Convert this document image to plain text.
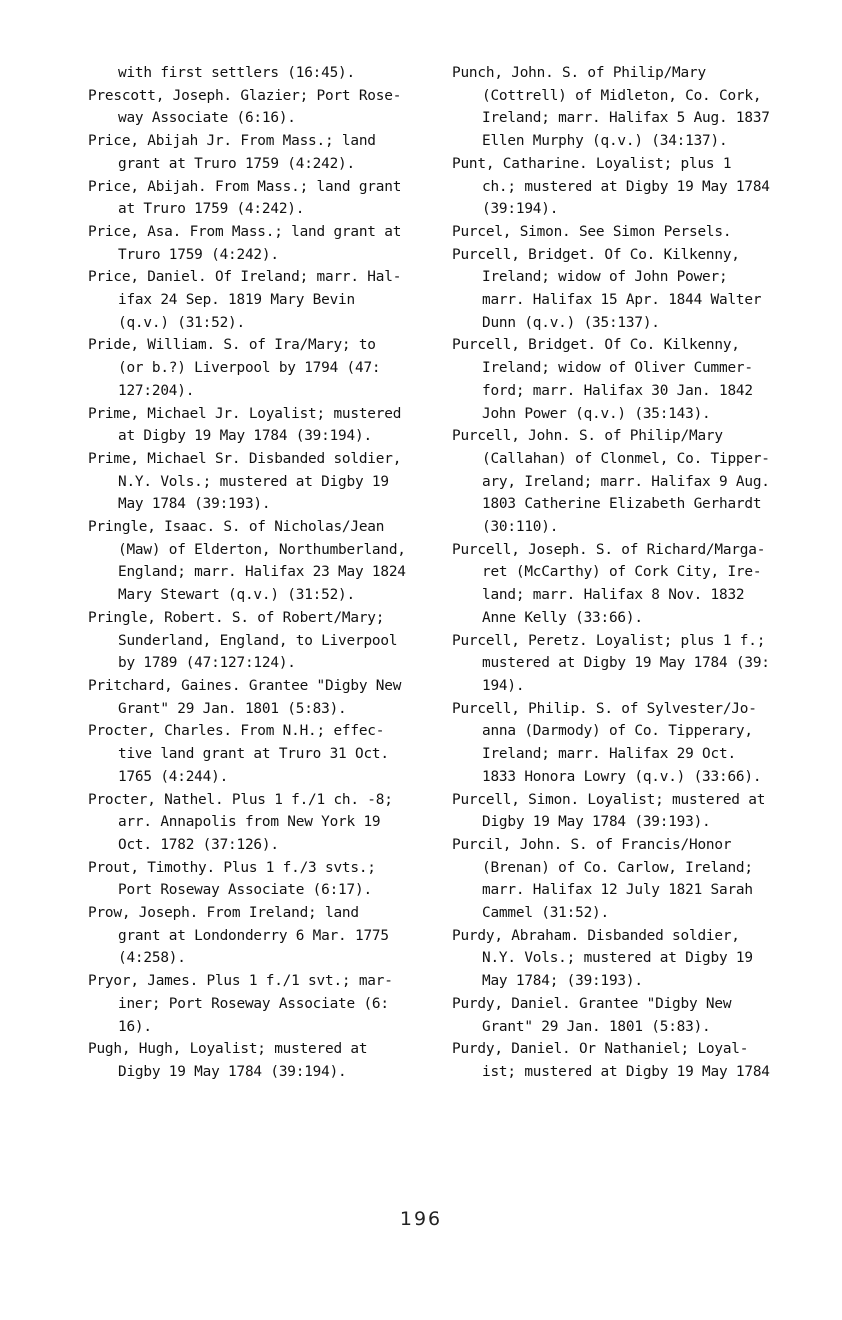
with first settlers (16:45).

Prescott, Joseph. Glazier; Port Rose-
way Associate (6:16).

Price, Abijah Jr. From Mass.; land
grant at Truro 1759 (4:242).

Price, Abijah. From Mass.; land grant
at Truro 1759 (4:242).

Price, Asa. From Mass.; land grant at
Truro 1759 (4:242).

Price, Daniel. Of Ireland; marr. Hal-
ifax 24 Sep. 1819 Mary Bevin
(q.v.) (31:52).

Pride, William. S. of Ira/Mary; to
(or b.?) Liverpool by 1794 (47:
127:204).

Prime, Michael Jr. Loyalist; mustered
at Digby 19 May 1784 (39:194).

Prime, Michael Sr. Disbanded soldier,
N.Y. Vols.; mustered at Digby 19
May 1784 (39:193).

Pringle, Isaac. S. of Nicholas/Jean
(Maw) of Elderton, Northumberland,
England; marr. Halifax 23 May 1824
Mary Stewart (q.v.) (31:52).

Pringle, Robert. S. of Robert/Mary;
Sunderland, England, to Liverpool
by 1789 (47:127:124).

Pritchard, Gaines. Grantee "Digby New
Grant" 29 Jan. 1801 (5:83).

Procter, Charles. From N.H.; effec-
tive land grant at Truro 31 Oct.
1765 (4:244).

Procter, Nathel. Plus 1 f./1 ch. -8;
arr. Annapolis from New York 19
Oct. 1782 (37:126).

Prout, Timothy. Plus 1 f./3 svts.;
Port Roseway Associate (6:17).

Prow, Joseph. From Ireland; land
grant at Londonderry 6 Mar. 1775
(4:258).

Pryor, James. Plus 1 f./1 svt.; mar-
iner; Port Roseway Associate (6:
16).

Pugh, Hugh, Loyalist; mustered at
Digby 19 May 1784 (39:194).

Punch, John. S. of Philip/Mary
(Cottrell) of Midleton, Co. Cork,
Ireland; marr. Halifax 5 Aug. 1837
Ellen Murphy (q.v.) (34:137).

Punt, Catharine. Loyalist; plus 1
ch.; mustered at Digby 19 May 1784
(39:194).

Purcel, Simon. See Simon Persels.

Purcell, Bridget. Of Co. Kilkenny,
Ireland; widow of John Power;
marr. Halifax 15 Apr. 1844 Walter
Dunn (q.v.) (35:137).

Purcell, Bridget. Of Co. Kilkenny,
Ireland; widow of Oliver Cummer-
ford; marr. Halifax 30 Jan. 1842
John Power (q.v.) (35:143).

Purcell, John. S. of Philip/Mary
(Callahan) of Clonmel, Co. Tipper-
ary, Ireland; marr. Halifax 9 Aug.
1803 Catherine Elizabeth Gerhardt
(30:110).

Purcell, Joseph. S. of Richard/Marga-
ret (McCarthy) of Cork City, Ire-
land; marr. Halifax 8 Nov. 1832
Anne Kelly (33:66).

Purcell, Peretz. Loyalist; plus 1 f.;
mustered at Digby 19 May 1784 (39:
194).

Purcell, Philip. S. of Sylvester/Jo-
anna (Darmody) of Co. Tipperary,
Ireland; marr. Halifax 29 Oct.
1833 Honora Lowry (q.v.) (33:66).

Purcell, Simon. Loyalist; mustered at
Digby 19 May 1784 (39:193).

Purcil, John. S. of Francis/Honor
(Brenan) of Co. Carlow, Ireland;
marr. Halifax 12 July 1821 Sarah
Cammel (31:52).

Purdy, Abraham. Disbanded soldier,
N.Y. Vols.; mustered at Digby 19
May 1784; (39:193).

Purdy, Daniel. Grantee "Digby New
Grant" 29 Jan. 1801 (5:83).

Purdy, Daniel. Or Nathaniel; Loyal-
ist; mustered at Digby 19 May 1784

196
